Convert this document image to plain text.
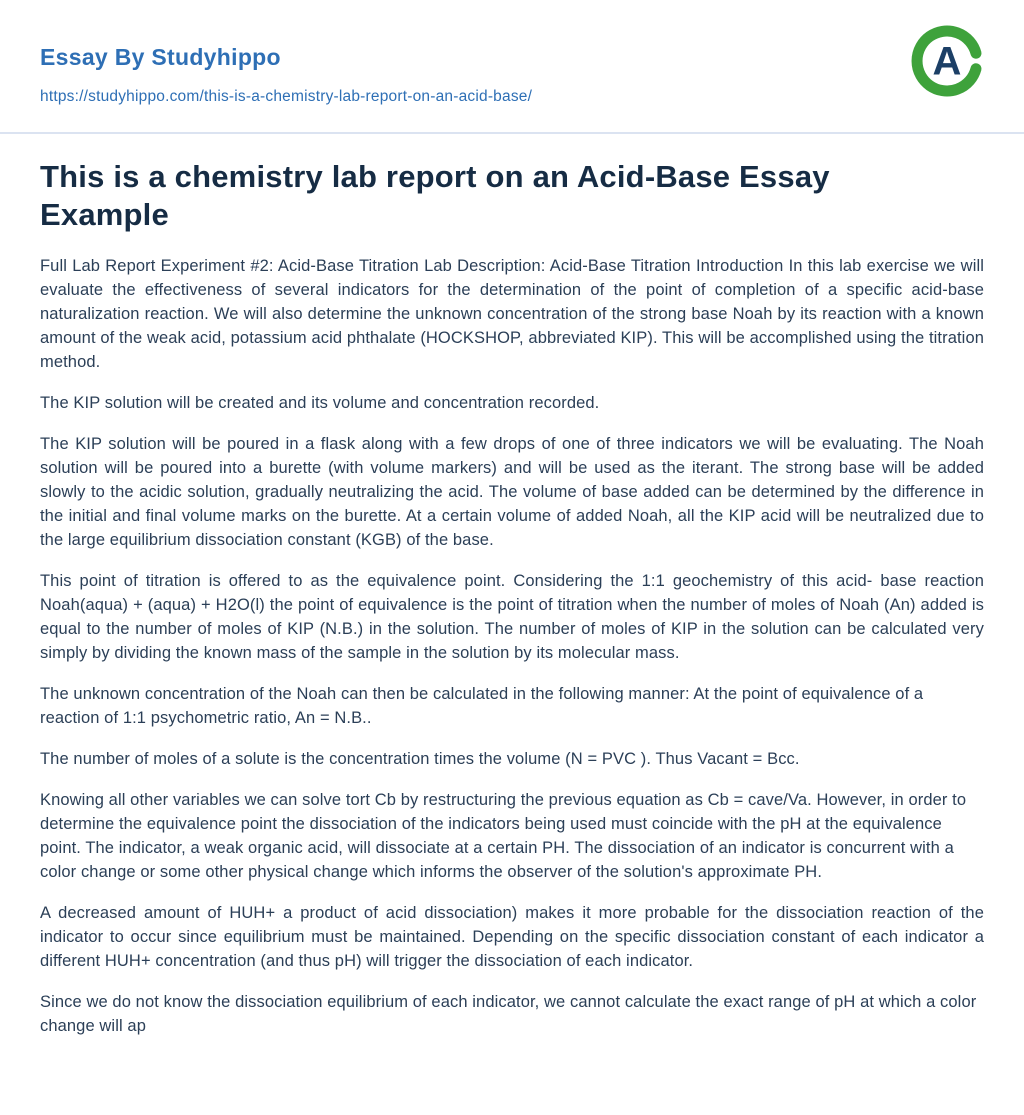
Essay By Studyhippo
https://studyhippo.com/this-is-a-chemistry-lab-report-on-an-acid-base/
A
This is a chemistry lab report on an Acid-Base Essay Example

Full Lab Report Experiment #2: Acid-Base Titration Lab Description: Acid-Base Titration Introduction In this lab exercise we will evaluate the effectiveness of several indicators for the determination of the point of completion of a specific acid-base naturalization reaction. We will also determine the unknown concentration of the strong base Noah by its reaction with a known amount of the weak acid, potassium acid phthalate (HOCKSHOP, abbreviated KIP). This will be accomplished using the titration method.

The KIP solution will be created and its volume and concentration recorded.

The KIP solution will be poured in a flask along with a few drops of one of three indicators we will be evaluating. The Noah solution will be poured into a burette (with volume markers) and will be used as the iterant. The strong base will be added slowly to the acidic solution, gradually neutralizing the acid. The volume of base added can be determined by the difference in the initial and final volume marks on the burette. At a certain volume of added Noah, all the KIP acid will be neutralized due to the large equilibrium dissociation constant (KGB) of the base.

This point of titration is offered to as the equivalence point. Considering the 1:1 geochemistry of this acid- base reaction Noah(aqua) + (aqua) + H2O(l) the point of equivalence is the point of titration when the number of moles of Noah (An) added is equal to the number of moles of KIP (N.B.) in the solution. The number of moles of KIP in the solution can be calculated very simply by dividing the known mass of the sample in the solution by its molecular mass.

The unknown concentration of the Noah can then be calculated in the following manner: At the point of equivalence of a reaction of 1:1 psychometric ratio, An = N.B..

The number of moles of a solute is the concentration times the volume (N = PVC ). Thus Vacant = Bcc.

Knowing all other variables we can solve tort Cb by restructuring the previous equation as Cb = cave/Va. However, in order to determine the equivalence point the dissociation of the indicators being used must coincide with the pH at the equivalence point. The indicator, a weak organic acid, will dissociate at a certain PH. The dissociation of an indicator is concurrent with a color change or some other physical change which informs the observer of the solution's approximate PH.

A decreased amount of HUH+ a product of acid dissociation) makes it more probable for the dissociation reaction of the indicator to occur since equilibrium must be maintained. Depending on the specific dissociation constant of each indicator a different HUH+ concentration (and thus pH) will trigger the dissociation of each indicator.

Since we do not know the dissociation equilibrium of each indicator, we cannot calculate the exact range of pH at which a color change will ap
